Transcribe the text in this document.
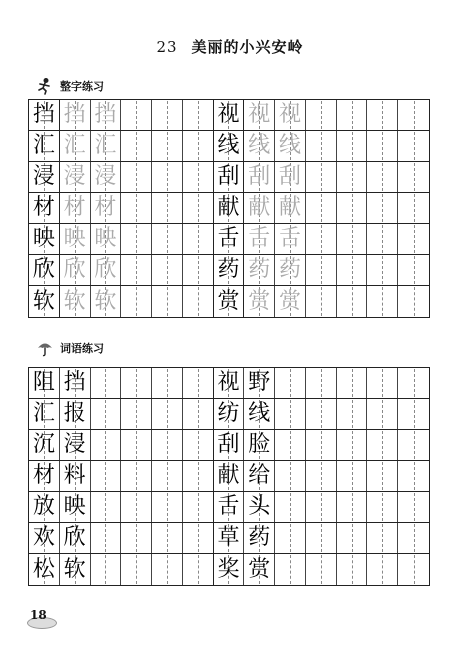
23 美丽的小兴安岭
整字练习
挡 挡 挡	视 视 视
汇 汇 汇	线 线 线
浸 浸 浸	刮 刮 刮
材 材 材	献 献 献
映 映 映	舌 舌 舌
欣 欣 欣	药 药 药
软 软 软	赏 赏 赏
词语练习
阻 挡	视 野
汇 报	纺 线
沉 浸	刮 脸
材 料	献 给
放 映	舌 头
欢 欣	草 药
松 软	奖 赏
18
